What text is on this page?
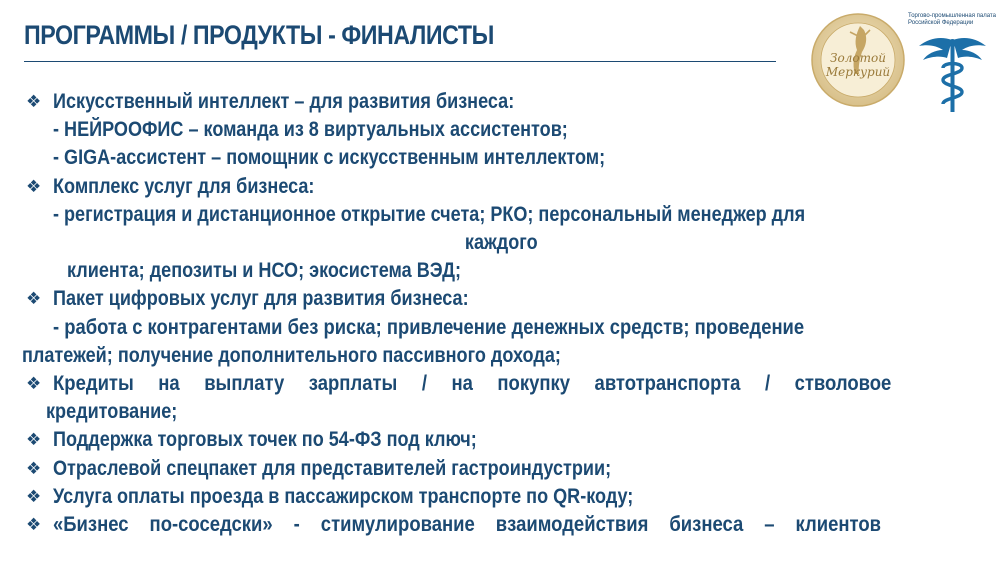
ПРОГРАММЫ / ПРОДУКТЫ - ФИНАЛИСТЫ
Золотой
Меркурий
Торгово-промышленная палата Российской Федерации
❖ Искусственный интеллект – для развития бизнеса:
- НЕЙРООФИС – команда из 8 виртуальных ассистентов;
- GIGA-ассистент – помощник с искусственным интеллектом;
❖ Комплекс услуг для бизнеса:
- регистрация и дистанционное открытие счета; РКО; персональный менеджер для
каждого
клиента; депозиты и НСО; экосистема ВЭД;
❖ Пакет цифровых услуг для развития бизнеса:
- работа с контрагентами без риска; привлечение денежных средств; проведение
платежей; получение дополнительного пассивного дохода;
❖ Кредиты на выплату зарплаты / на покупку автотранспорта / стволовое
кредитование;
❖ Поддержка торговых точек по 54-ФЗ под ключ;
❖ Отраслевой спецпакет для представителей гастроиндустрии;
❖ Услуга оплаты проезда в пассажирском транспорте по QR-коду;
❖ «Бизнес по-соседски» - стимулирование взаимодействия бизнеса – клиентов
